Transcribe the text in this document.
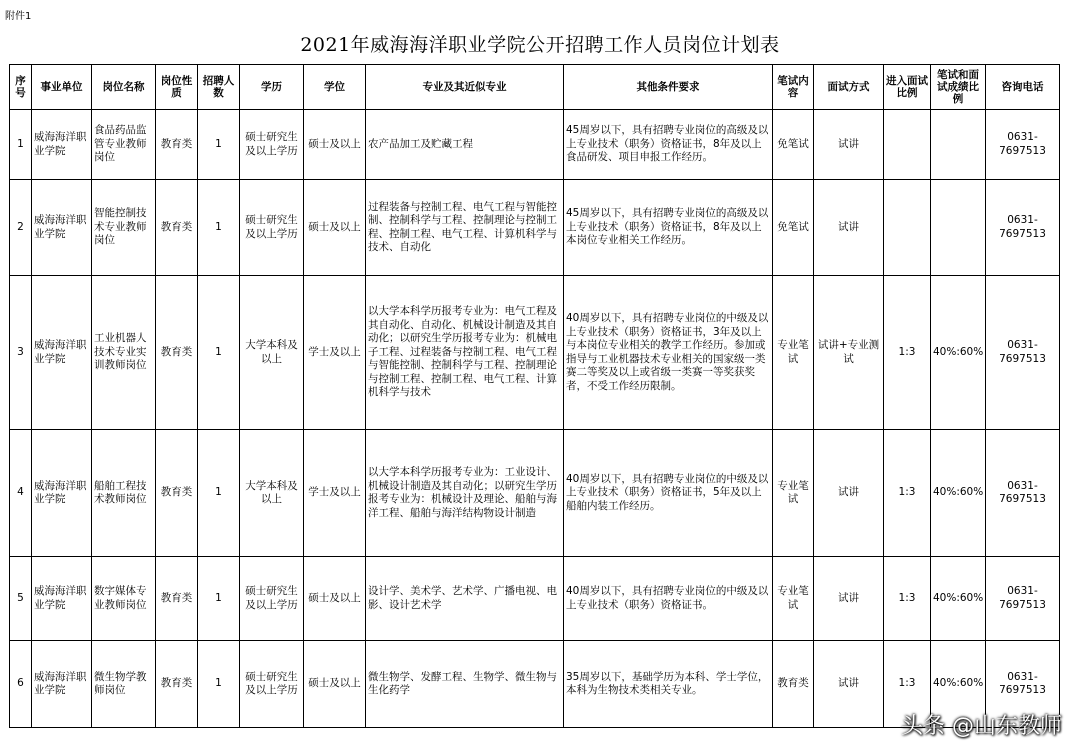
附件1
2021年威海海洋职业学院公开招聘工作人员岗位计划表
序号	事业单位	岗位名称	岗位性质	招聘人数	学历	学位	专业及其近似专业	其他条件要求	笔试内容	面试方式	进入面试比例	笔试和面试成绩比例	咨询电话
1	威海海洋职业学院	食品药品监管专业教师岗位	教育类	1	硕士研究生及以上学历	硕士及以上	农产品加工及贮藏工程	45周岁以下，具有招聘专业岗位的高级及以上专业技术（职务）资格证书，8年及以上食品研发、项目申报工作经历。	免笔试	试讲			0631-7697513
2	威海海洋职业学院	智能控制技术专业教师岗位	教育类	1	硕士研究生及以上学历	硕士及以上	过程装备与控制工程、电气工程与智能控制、控制科学与工程、控制理论与控制工程、控制工程、电气工程、计算机科学与技术、自动化	45周岁以下，具有招聘专业岗位的高级及以上专业技术（职务）资格证书，8年及以上本岗位专业相关工作经历。	免笔试	试讲			0631-7697513
3	威海海洋职业学院	工业机器人技术专业实训教师岗位	教育类	1	大学本科及以上	学士及以上	以大学本科学历报考专业为：电气工程及其自动化、自动化、机械设计制造及其自动化；以研究生学历报考专业为：机械电子工程、过程装备与控制工程、电气工程与智能控制、控制科学与工程、控制理论与控制工程、控制工程、电气工程、计算机科学与技术	40周岁以下，具有招聘专业岗位的中级及以上专业技术（职务）资格证书，3年及以上与本岗位专业相关的教学工作经历。参加或指导与工业机器技术专业相关的国家级一类赛二等奖及以上或省级一类赛一等奖获奖者，不受工作经历限制。	专业笔试	试讲+专业测试	1:3	40%:60%	0631-7697513
4	威海海洋职业学院	船舶工程技术教师岗位	教育类	1	大学本科及以上	学士及以上	以大学本科学历报考专业为：工业设计、机械设计制造及其自动化；以研究生学历报考专业为：机械设计及理论、船舶与海洋工程、船舶与海洋结构物设计制造	40周岁以下，具有招聘专业岗位的中级及以上专业技术（职务）资格证书，5年及以上船舶内装工作经历。	专业笔试	试讲	1:3	40%:60%	0631-7697513
5	威海海洋职业学院	数字媒体专业教师岗位	教育类	1	硕士研究生及以上学历	硕士及以上	设计学、美术学、艺术学、广播电视、电影、设计艺术学	40周岁以下，具有招聘专业岗位的中级及以上专业技术（职务）资格证书。	专业笔试	试讲	1:3	40%:60%	0631-7697513
6	威海海洋职业学院	微生物学教师岗位	教育类	1	硕士研究生及以上学历	硕士及以上	微生物学、发酵工程、生物学、微生物与生化药学	35周岁以下，基础学历为本科、学士学位，本科为生物技术类相关专业。	教育类	试讲	1:3	40%:60%	0631-7697513
头条 @山东教师
